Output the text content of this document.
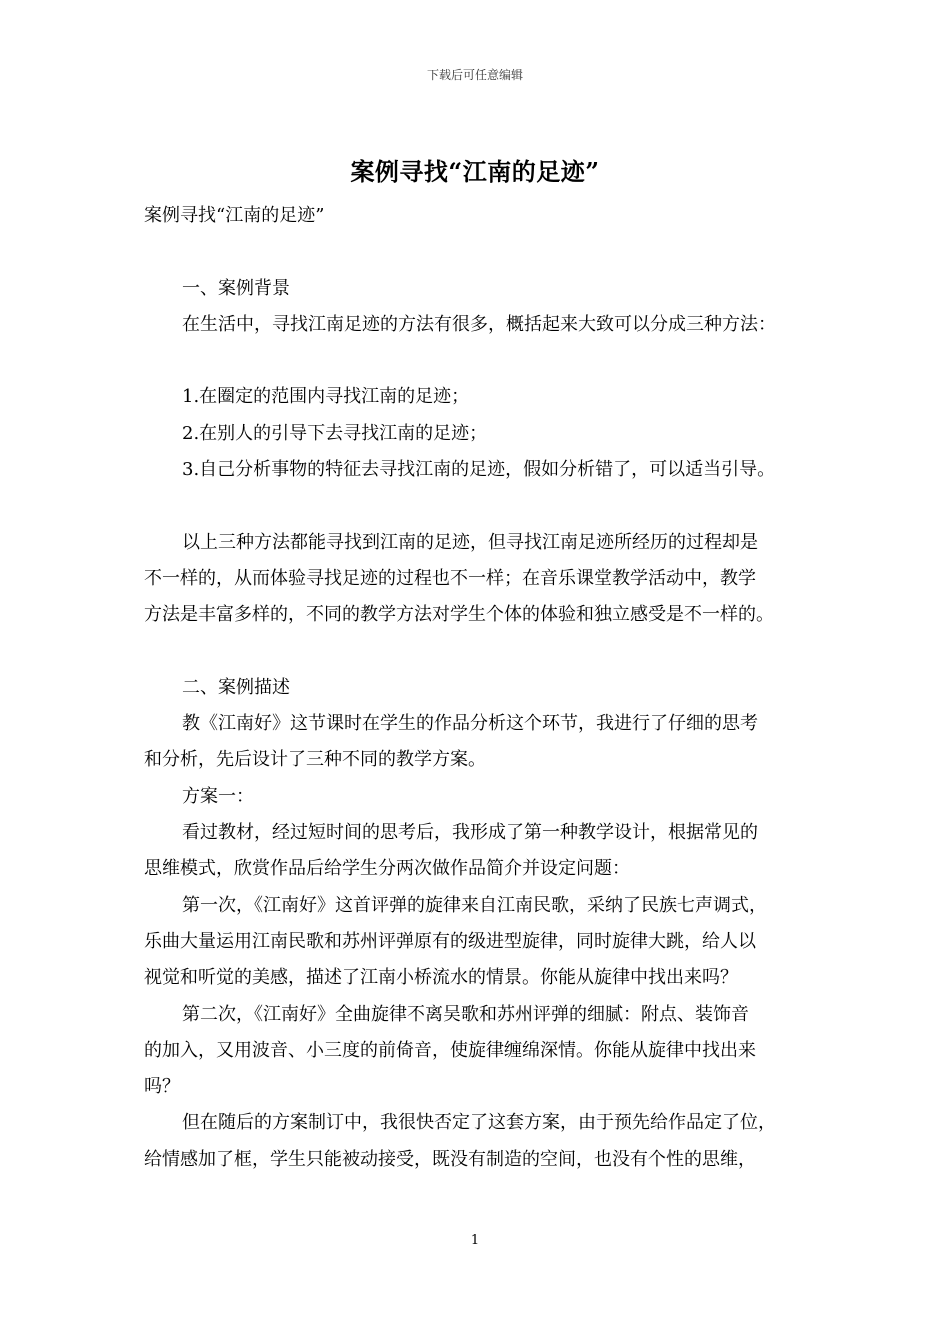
下载后可任意编辑
案例寻找“江南的足迹”

案例寻找“江南的足迹”

一、案例背景

在生活中，寻找江南足迹的方法有很多，概括起来大致可以分成三种方法：

1.在圈定的范围内寻找江南的足迹；

2.在别人的引导下去寻找江南的足迹；

3.自己分析事物的特征去寻找江南的足迹，假如分析错了，可以适当引导。

以上三种方法都能寻找到江南的足迹，但寻找江南足迹所经历的过程却是

不一样的，从而体验寻找足迹的过程也不一样；在音乐课堂教学活动中，教学

方法是丰富多样的，不同的教学方法对学生个体的体验和独立感受是不一样的。

二、案例描述

教《江南好》这节课时在学生的作品分析这个环节，我进行了仔细的思考

和分析，先后设计了三种不同的教学方案。

方案一：

看过教材，经过短时间的思考后，我形成了第一种教学设计，根据常见的

思维模式，欣赏作品后给学生分两次做作品简介并设定问题：

第一次，《江南好》这首评弹的旋律来自江南民歌，采纳了民族七声调式，

乐曲大量运用江南民歌和苏州评弹原有的级进型旋律，同时旋律大跳，给人以

视觉和听觉的美感，描述了江南小桥流水的情景。你能从旋律中找出来吗？

第二次，《江南好》全曲旋律不离吴歌和苏州评弹的细腻：附点、装饰音

的加入，又用波音、小三度的前倚音，使旋律缠绵深情。你能从旋律中找出来

吗？

但在随后的方案制订中，我很快否定了这套方案，由于预先给作品定了位，

给情感加了框，学生只能被动接受，既没有制造的空间，也没有个性的思维，

1
